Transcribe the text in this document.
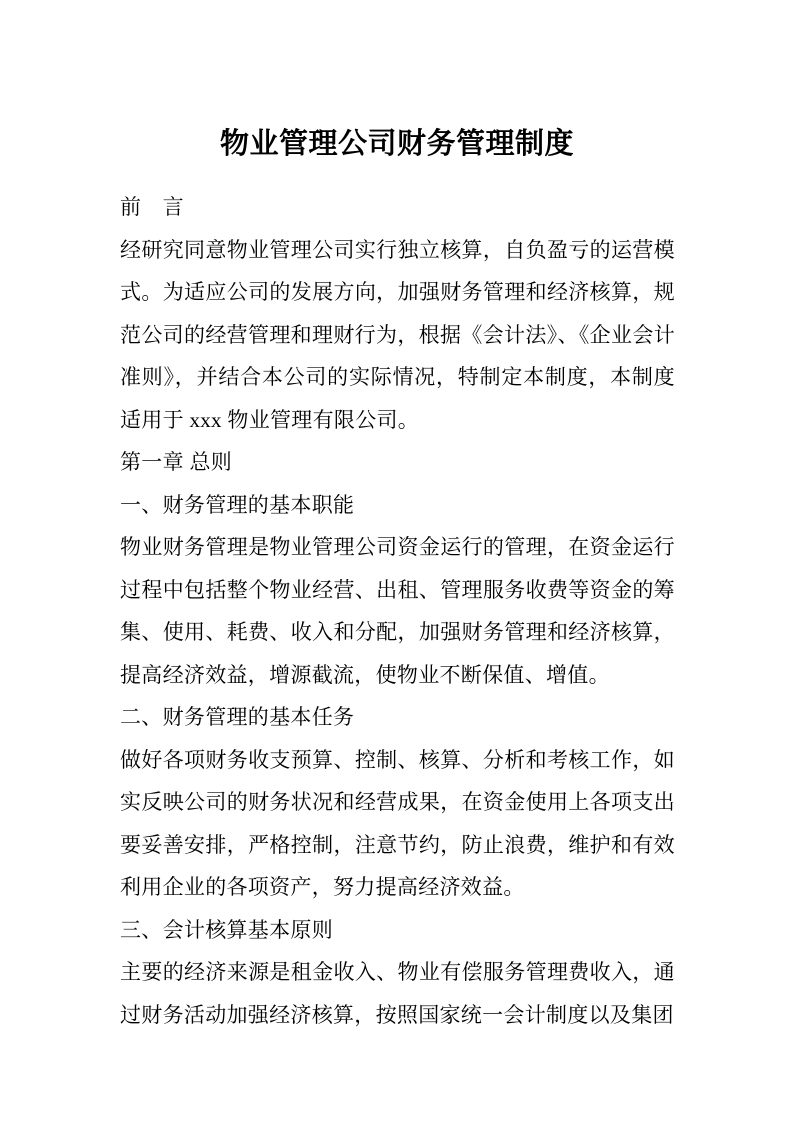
物业管理公司财务管理制度

前　言

经研究同意物业管理公司实行独立核算，自负盈亏的运营模式。为适应公司的发展方向，加强财务管理和经济核算，规范公司的经营管理和理财行为，根据《会计法》、《企业会计准则》，并结合本公司的实际情况，特制定本制度，本制度适用于 xxx 物业管理有限公司。

第一章 总则

一、财务管理的基本职能

物业财务管理是物业管理公司资金运行的管理，在资金运行过程中包括整个物业经营、出租、管理服务收费等资金的筹集、使用、耗费、收入和分配，加强财务管理和经济核算，提高经济效益，增源截流，使物业不断保值、增值。

二、财务管理的基本任务

做好各项财务收支预算、控制、核算、分析和考核工作，如实反映公司的财务状况和经营成果，在资金使用上各项支出要妥善安排，严格控制，注意节约，防止浪费，维护和有效利用企业的各项资产，努力提高经济效益。

三、会计核算基本原则

主要的经济来源是租金收入、物业有偿服务管理费收入，通过财务活动加强经济核算，按照国家统一会计制度以及集团
